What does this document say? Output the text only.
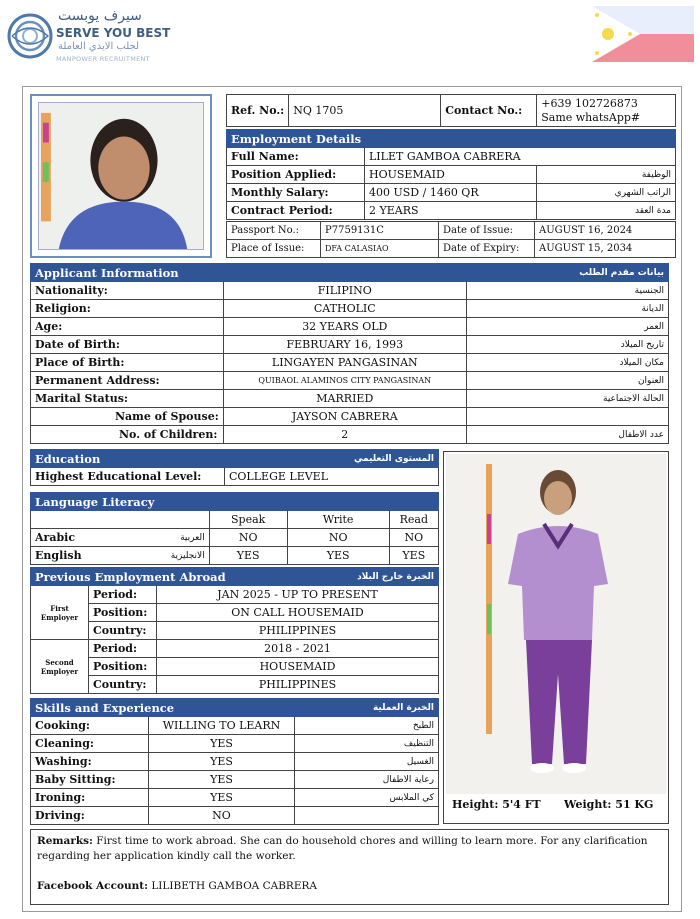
سيرف يوبست
SERVE YOU BEST
لجلب الايدي العاملة
MANPOWER RECRUITMENT
Ref. No.:	NQ 1705	Contact No.:	+639 102726873
Same whatsApp#
Employment Details		
Full Name:	LILET GAMBOA CABRERA	
Position Applied:	HOUSEMAID	الوظيفة
Monthly Salary:	400 USD / 1460 QR	الراتب الشهري
Contract Period:	2 YEARS	مدة العقد
Passport No.:	P7759131C	Date of Issue:	AUGUST 16, 2024
Place of Issue:	DFA CALASIAO	Date of Expiry:	AUGUST 15, 2034
Applicant Information بيانات مقدم الطلب		

Nationality:	FILIPINO	الجنسية
Religion:	CATHOLIC	الديانة
Age:	32 YEARS OLD	العمر
Date of Birth:	FEBRUARY 16, 1993	تاريخ الميلاد
Place of Birth:	LINGAYEN PANGASINAN	مكان الميلاد
Permanent Address:	QUIBAOL ALAMINOS CITY PANGASINAN	العنوان
Marital Status:	MARRIED	الحالة الاجتماعية
Name of Spouse:	JAYSON CABRERA	
No. of Children:	2	عدد الاطفال
Education	المستوى التعليمي

Highest Educational Level:	COLLEGE LEVEL
Language Literacy				
		Speak	Write	Read
Arabic	العربية	NO	NO	NO
English	الانجليزية	YES	YES	YES
Previous Employment Abroad الخبرة خارج البلاد		

First Employer	Period:	JAN 2025 - UP TO PRESENT
	Position:	ON CALL HOUSEMAID
	Country:	PHILIPPINES
Second Employer	Period:	2018 - 2021
	Position:	HOUSEMAID
	Country:	PHILIPPINES
Skills and Experience الخبرة العملية		

Cooking:	WILLING TO LEARN	الطبخ
Cleaning:	YES	التنظيف
Washing:	YES	الغسيل
Baby Sitting:	YES	رعاية الاطفال
Ironing:	YES	كي الملابس
Driving:	NO	
Height: 5'4 FT Weight: 51 KG
Remarks: First time to work abroad. She can do household chores and willing to learn more. For any clarification regarding her application kindly call the worker.
Facebook Account: LILIBETH GAMBOA CABRERA
